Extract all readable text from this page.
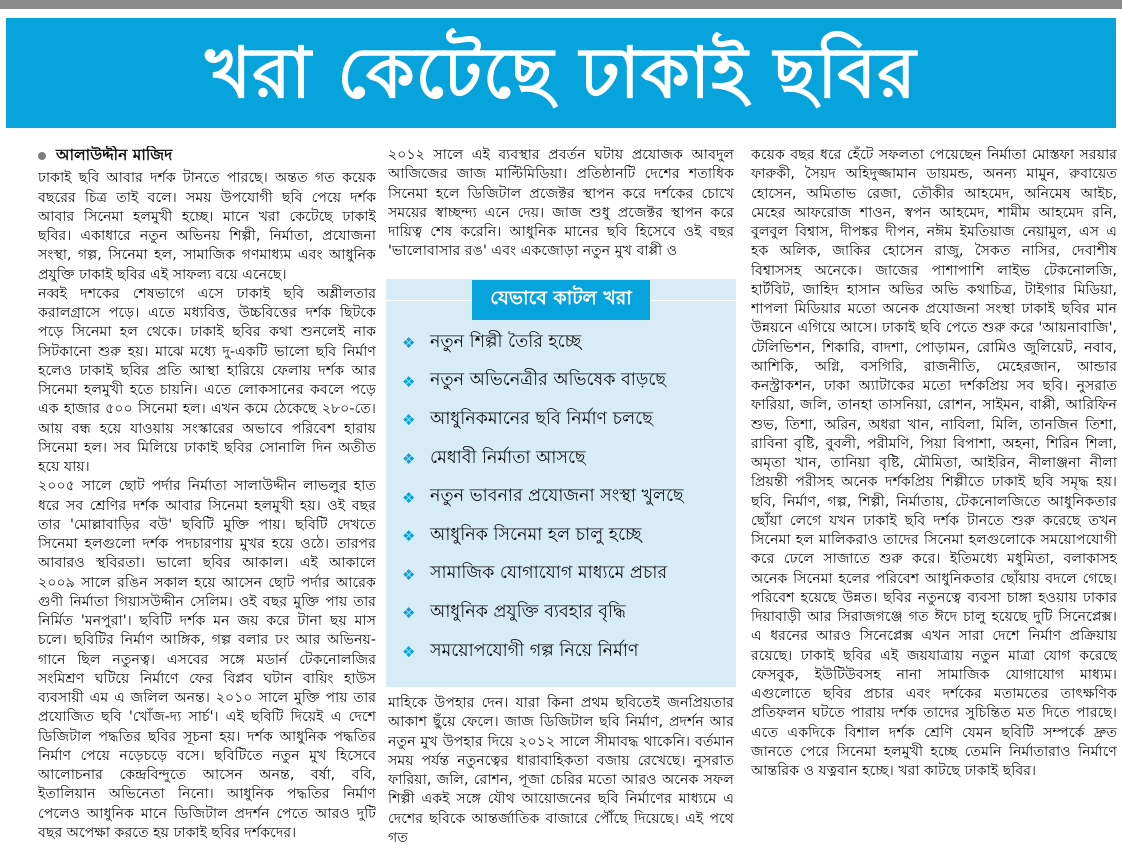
খরা কেটেছে ঢাকাই ছবির
আলাউদ্দীন মাজিদ

ঢাকাই ছবি আবার দর্শক টানতে পারছে। অন্তত গত কয়েক বছরের চিত্র তাই বলে। সময় উপযোগী ছবি পেয়ে দর্শক আবার সিনেমা হলমুখী হচ্ছে। মানে খরা কেটেছে ঢাকাই ছবির। একাধারে নতুন অভিনয় শিল্পী, নির্মাতা, প্রযোজনা সংস্থা, গল্প, সিনেমা হল, সামাজিক গণমাধ্যম এবং আধুনিক প্রযুক্তি ঢাকাই ছবির এই সাফল্য বয়ে এনেছে।

নব্বই দশকের শেষভাগে এসে ঢাকাই ছবি অশ্লীলতার করালগ্রাসে পড়ে। এতে মধ্যবিত্ত, উচ্চবিত্তের দর্শক ছিটকে পড়ে সিনেমা হল থেকে। ঢাকাই ছবির কথা শুনলেই নাক সিটকানো শুরু হয়। মাঝে মধ্যে দু-একটি ভালো ছবি নির্মাণ হলেও ঢাকাই ছবির প্রতি আস্থা হারিয়ে ফেলায় দর্শক আর সিনেমা হলমুখী হতে চায়নি। এতে লোকসানের কবলে পড়ে এক হাজার ৫০০ সিনেমা হল। এখন কমে ঠেকেছে ২৮০-তে। আয় বন্ধ হয়ে যাওয়ায় সংস্কারের অভাবে পরিবেশ হারায় সিনেমা হল। সব মিলিয়ে ঢাকাই ছবির সোনালি দিন অতীত হয়ে যায়।

২০০৫ সালে ছোট পর্দার নির্মাতা সালাউদ্দীন লাভলুর হাত ধরে সব শ্রেণির দর্শক আবার সিনেমা হলমুখী হয়। ওই বছর তার 'মোল্লাবাড়ির বউ' ছবিটি মুক্তি পায়। ছবিটি দেখতে সিনেমা হলগুলো দর্শক পদচারণায় মুখর হয়ে ওঠে। তারপর আবারও স্থবিরতা। ভালো ছবির আকাল। এই আকালে ২০০৯ সালে রঙিন সকাল হয়ে আসেন ছোট পর্দার আরেক গুণী নির্মাতা গিয়াসউদ্দীন সেলিম। ওই বছর মুক্তি পায় তার নির্মিত 'মনপুরা'। ছবিটি দর্শক মন জয় করে টানা ছয় মাস চলে। ছবিটির নির্মাণ আঙ্গিক, গল্প বলার ঢং আর অভিনয়-গানে ছিল নতুনত্ব। এসবের সঙ্গে মডার্ন টেকনোলজির সংমিশ্রণ ঘটিয়ে নির্মাণে ফের বিপ্লব ঘটান বায়িং হাউস ব্যবসায়ী এম এ জলিল অনন্ত। ২০১০ সালে মুক্তি পায় তার প্রযোজিত ছবি 'খোঁজ-দ্য সার্চ'। এই ছবিটি দিয়েই এ দেশে ডিজিটাল পদ্ধতির ছবির সূচনা হয়। দর্শক আধুনিক পদ্ধতির নির্মাণ পেয়ে নড়েচড়ে বসে। ছবিটিতে নতুন মুখ হিসেবে আলোচনার কেন্দ্রবিন্দুতে আসেন অনন্ত, বর্ষা, ববি, ইতালিয়ান অভিনেতা নিনো। আধুনিক পদ্ধতির নির্মাণ পেলেও আধুনিক মানে ডিজিটাল প্রদর্শন পেতে আরও দুটি বছর অপেক্ষা করতে হয় ঢাকাই ছবির দর্শকদের।

২০১২ সালে এই ব্যবস্থার প্রবর্তন ঘটায় প্রযোজক আবদুল আজিজের জাজ মাল্টিমিডিয়া। প্রতিষ্ঠানটি দেশের শতাধিক সিনেমা হলে ডিজিটাল প্রজেক্টর স্থাপন করে দর্শকের চোখে সময়ের স্বাচ্ছন্দ্য এনে দেয়। জাজ শুধু প্রজেক্টর স্থাপন করে দায়িত্ব শেষ করেনি। আধুনিক মানের ছবি হিসেবে ওই বছর 'ভালোবাসার রঙ' এবং একজোড়া নতুন মুখ বাপ্পী ও

যেভাবে কাটল খরা
❖ নতুন শিল্পী তৈরি হচ্ছে
❖ নতুন অভিনেত্রীর অভিষেক বাড়ছে
❖ আধুনিকমানের ছবি নির্মাণ চলছে
❖ মেধাবী নির্মাতা আসছে
❖ নতুন ভাবনার প্রযোজনা সংস্থা খুলছে
❖ আধুনিক সিনেমা হল চালু হচ্ছে
❖ সামাজিক যোগাযোগ মাধ্যমে প্রচার
❖ আধুনিক প্রযুক্তি ব্যবহার বৃদ্ধি
❖ সময়োপযোগী গল্প নিয়ে নির্মাণ

মাহিকে উপহার দেন। যারা কিনা প্রথম ছবিতেই জনপ্রিয়তার আকাশ ছুঁয়ে ফেলে। জাজ ডিজিটাল ছবি নির্মাণ, প্রদর্শন আর নতুন মুখ উপহার দিয়ে ২০১২ সালে সীমাবদ্ধ থাকেনি। বর্তমান সময় পর্যন্ত নতুনত্বের ধারাবাহিকতা বজায় রেখেছে। নুসরাত ফারিয়া, জলি, রোশন, পূজা চেরির মতো আরও অনেক সফল শিল্পী একই সঙ্গে যৌথ আয়োজনের ছবি নির্মাণের মাধ্যমে এ দেশের ছবিকে আন্তর্জাতিক বাজারে পৌঁছে দিয়েছে। এই পথে গত

কয়েক বছর ধরে হেঁটে সফলতা পেয়েছেন নির্মাতা মোস্তফা সরয়ার ফারুকী, সৈয়দ অহিদুজ্জামান ডায়মন্ড, অনন্য মামুন, রুবায়েত হোসেন, অমিতাভ রেজা, তৌকীর আহমেদ, অনিমেষ আইচ, মেহের আফরোজ শাওন, স্বপন আহমেদ, শামীম আহমেদ রনি, বুলবুল বিশ্বাস, দীপঙ্কর দীপন, নঈম ইমতিয়াজ নেয়ামুল, এস এ হক অলিক, জাকির হোসেন রাজু, সৈকত নাসির, দেবাশীষ বিশ্বাসসহ অনেকে। জাজের পাশাপাশি লাইভ টেকনোলজি, হার্টবিট, জাহিদ হাসান অভির অভি কথাচিত্র, টাইগার মিডিয়া, শাপলা মিডিয়ার মতো অনেক প্রযোজনা সংস্থা ঢাকাই ছবির মান উন্নয়নে এগিয়ে আসে। ঢাকাই ছবি পেতে শুরু করে 'আয়নাবাজি', টেলিভিশন, শিকারি, বাদশা, পোড়ামন, রোমিও জুলিয়েট, নবাব, আশিকি, অগ্নি, বসগিরি, রাজনীতি, মেহেরজান, আন্ডার কনস্ট্রাকশন, ঢাকা অ্যাটাকের মতো দর্শকপ্রিয় সব ছবি। নুসরাত ফারিয়া, জলি, তানহা তাসনিয়া, রোশন, সাইমন, বাপ্পী, আরিফিন শুভ, তিশা, অরিন, অধরা খান, নাবিলা, মিলি, তানজিন তিশা, রাবিনা বৃষ্টি, বুবলী, পরীমণি, পিয়া বিপাশা, অহনা, শিরিন শিলা, অমৃতা খান, তানিয়া বৃষ্টি, মৌমিতা, আইরিন, নীলাঞ্জনা নীলা প্রিয়ন্তী পরীসহ অনেক দর্শকপ্রিয় শিল্পীতে ঢাকাই ছবি সমৃদ্ধ হয়। ছবি, নির্মাণ, গল্প, শিল্পী, নির্মাতায়, টেকনোলজিতে আধুনিকতার ছোঁয়া লেগে যখন ঢাকাই ছবি দর্শক টানতে শুরু করেছে তখন সিনেমা হল মালিকরাও তাদের সিনেমা হলগুলোকে সময়োপযোগী করে ঢেলে সাজাতে শুরু করে। ইতিমধ্যে মধুমিতা, বলাকাসহ অনেক সিনেমা হলের পরিবেশ আধুনিকতার ছোঁয়ায় বদলে গেছে। পরিবেশ হয়েছে উন্নত। ছবির নতুনত্বে ব্যবসা চাঙ্গা হওয়ায় ঢাকার দিয়াবাড়ী আর সিরাজগঞ্জে গত ঈদে চালু হয়েছে দুটি সিনেপ্লেক্স। এ ধরনের আরও সিনেপ্লেক্স এখন সারা দেশে নির্মাণ প্রক্রিয়ায় রয়েছে। ঢাকাই ছবির এই জয়যাত্রায় নতুন মাত্রা যোগ করেছে ফেসবুক, ইউটিউবসহ নানা সামাজিক যোগাযোগ মাধ্যম। এগুলোতে ছবির প্রচার এবং দর্শকের মতামতের তাৎক্ষণিক প্রতিফলন ঘটতে পারায় দর্শক তাদের সুচিন্তিত মত দিতে পারছে। এতে একদিকে বিশাল দর্শক শ্রেণি যেমন ছবিটি সম্পর্কে দ্রুত জানতে পেরে সিনেমা হলমুখী হচ্ছে তেমনি নির্মাতারাও নির্মাণে আন্তরিক ও যত্নবান হচ্ছে। খরা কাটছে ঢাকাই ছবির।
